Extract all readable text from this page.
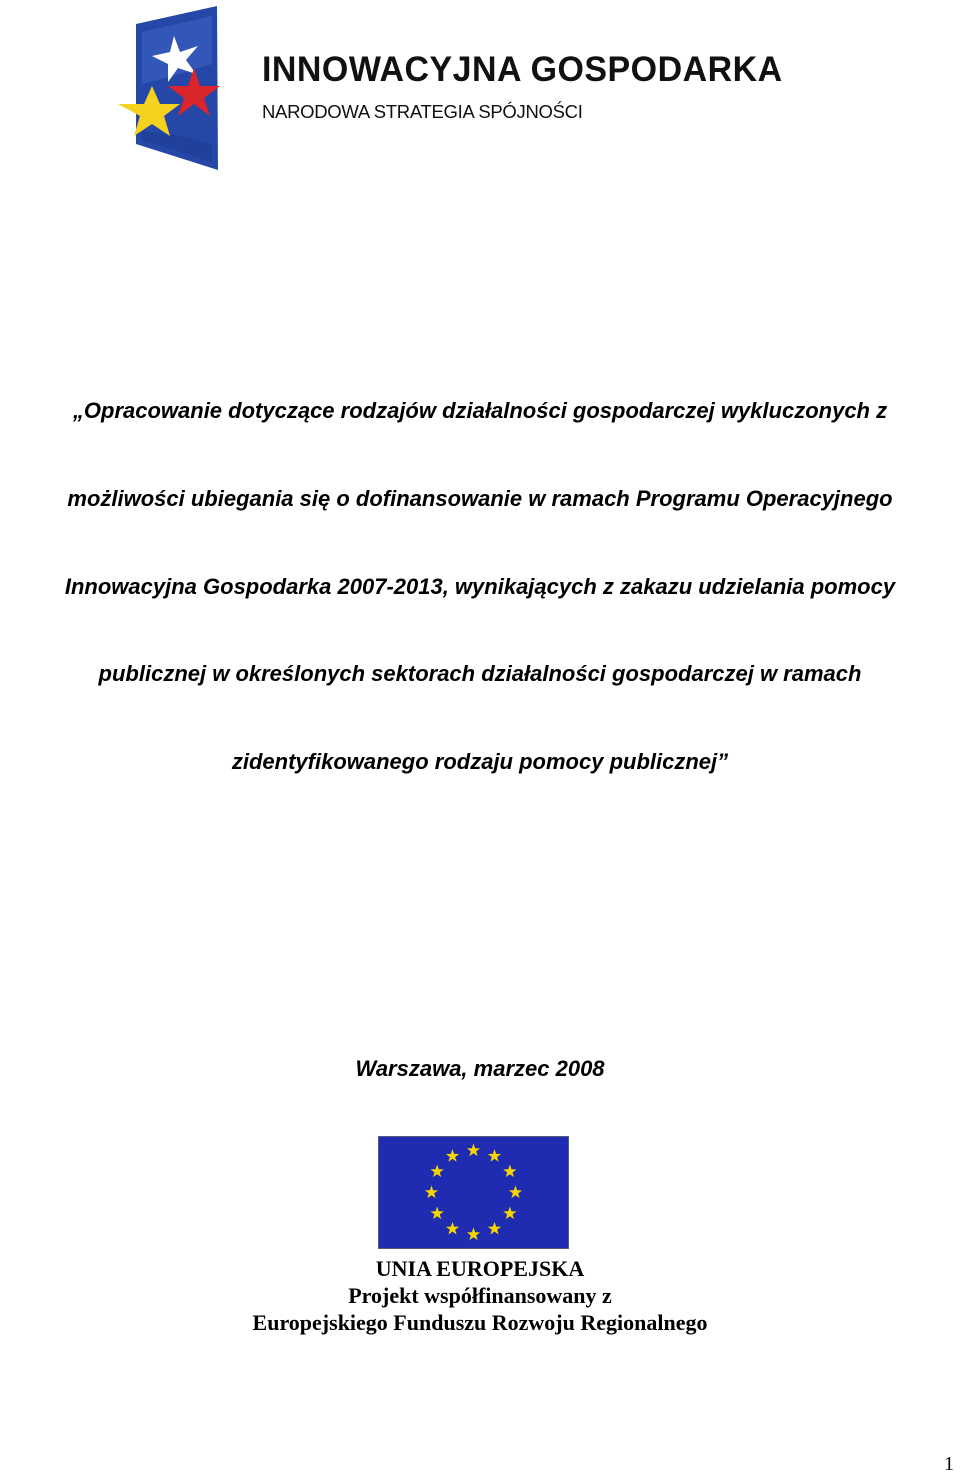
INNOWACYJNA GOSPODARKA
NARODOWA STRATEGIA SPÓJNOŚCI
„Opracowanie dotyczące rodzajów działalności gospodarczej wykluczonych z
możliwości ubiegania się o dofinansowanie w ramach Programu Operacyjnego
Innowacyjna Gospodarka 2007-2013, wynikających z zakazu udzielania pomocy
publicznej w określonych sektorach działalności gospodarczej w ramach
zidentyfikowanego rodzaju pomocy publicznej”
Warszawa, marzec 2008
UNIA EUROPEJSKA
Projekt współfinansowany z
Europejskiego Funduszu Rozwoju Regionalnego
1
